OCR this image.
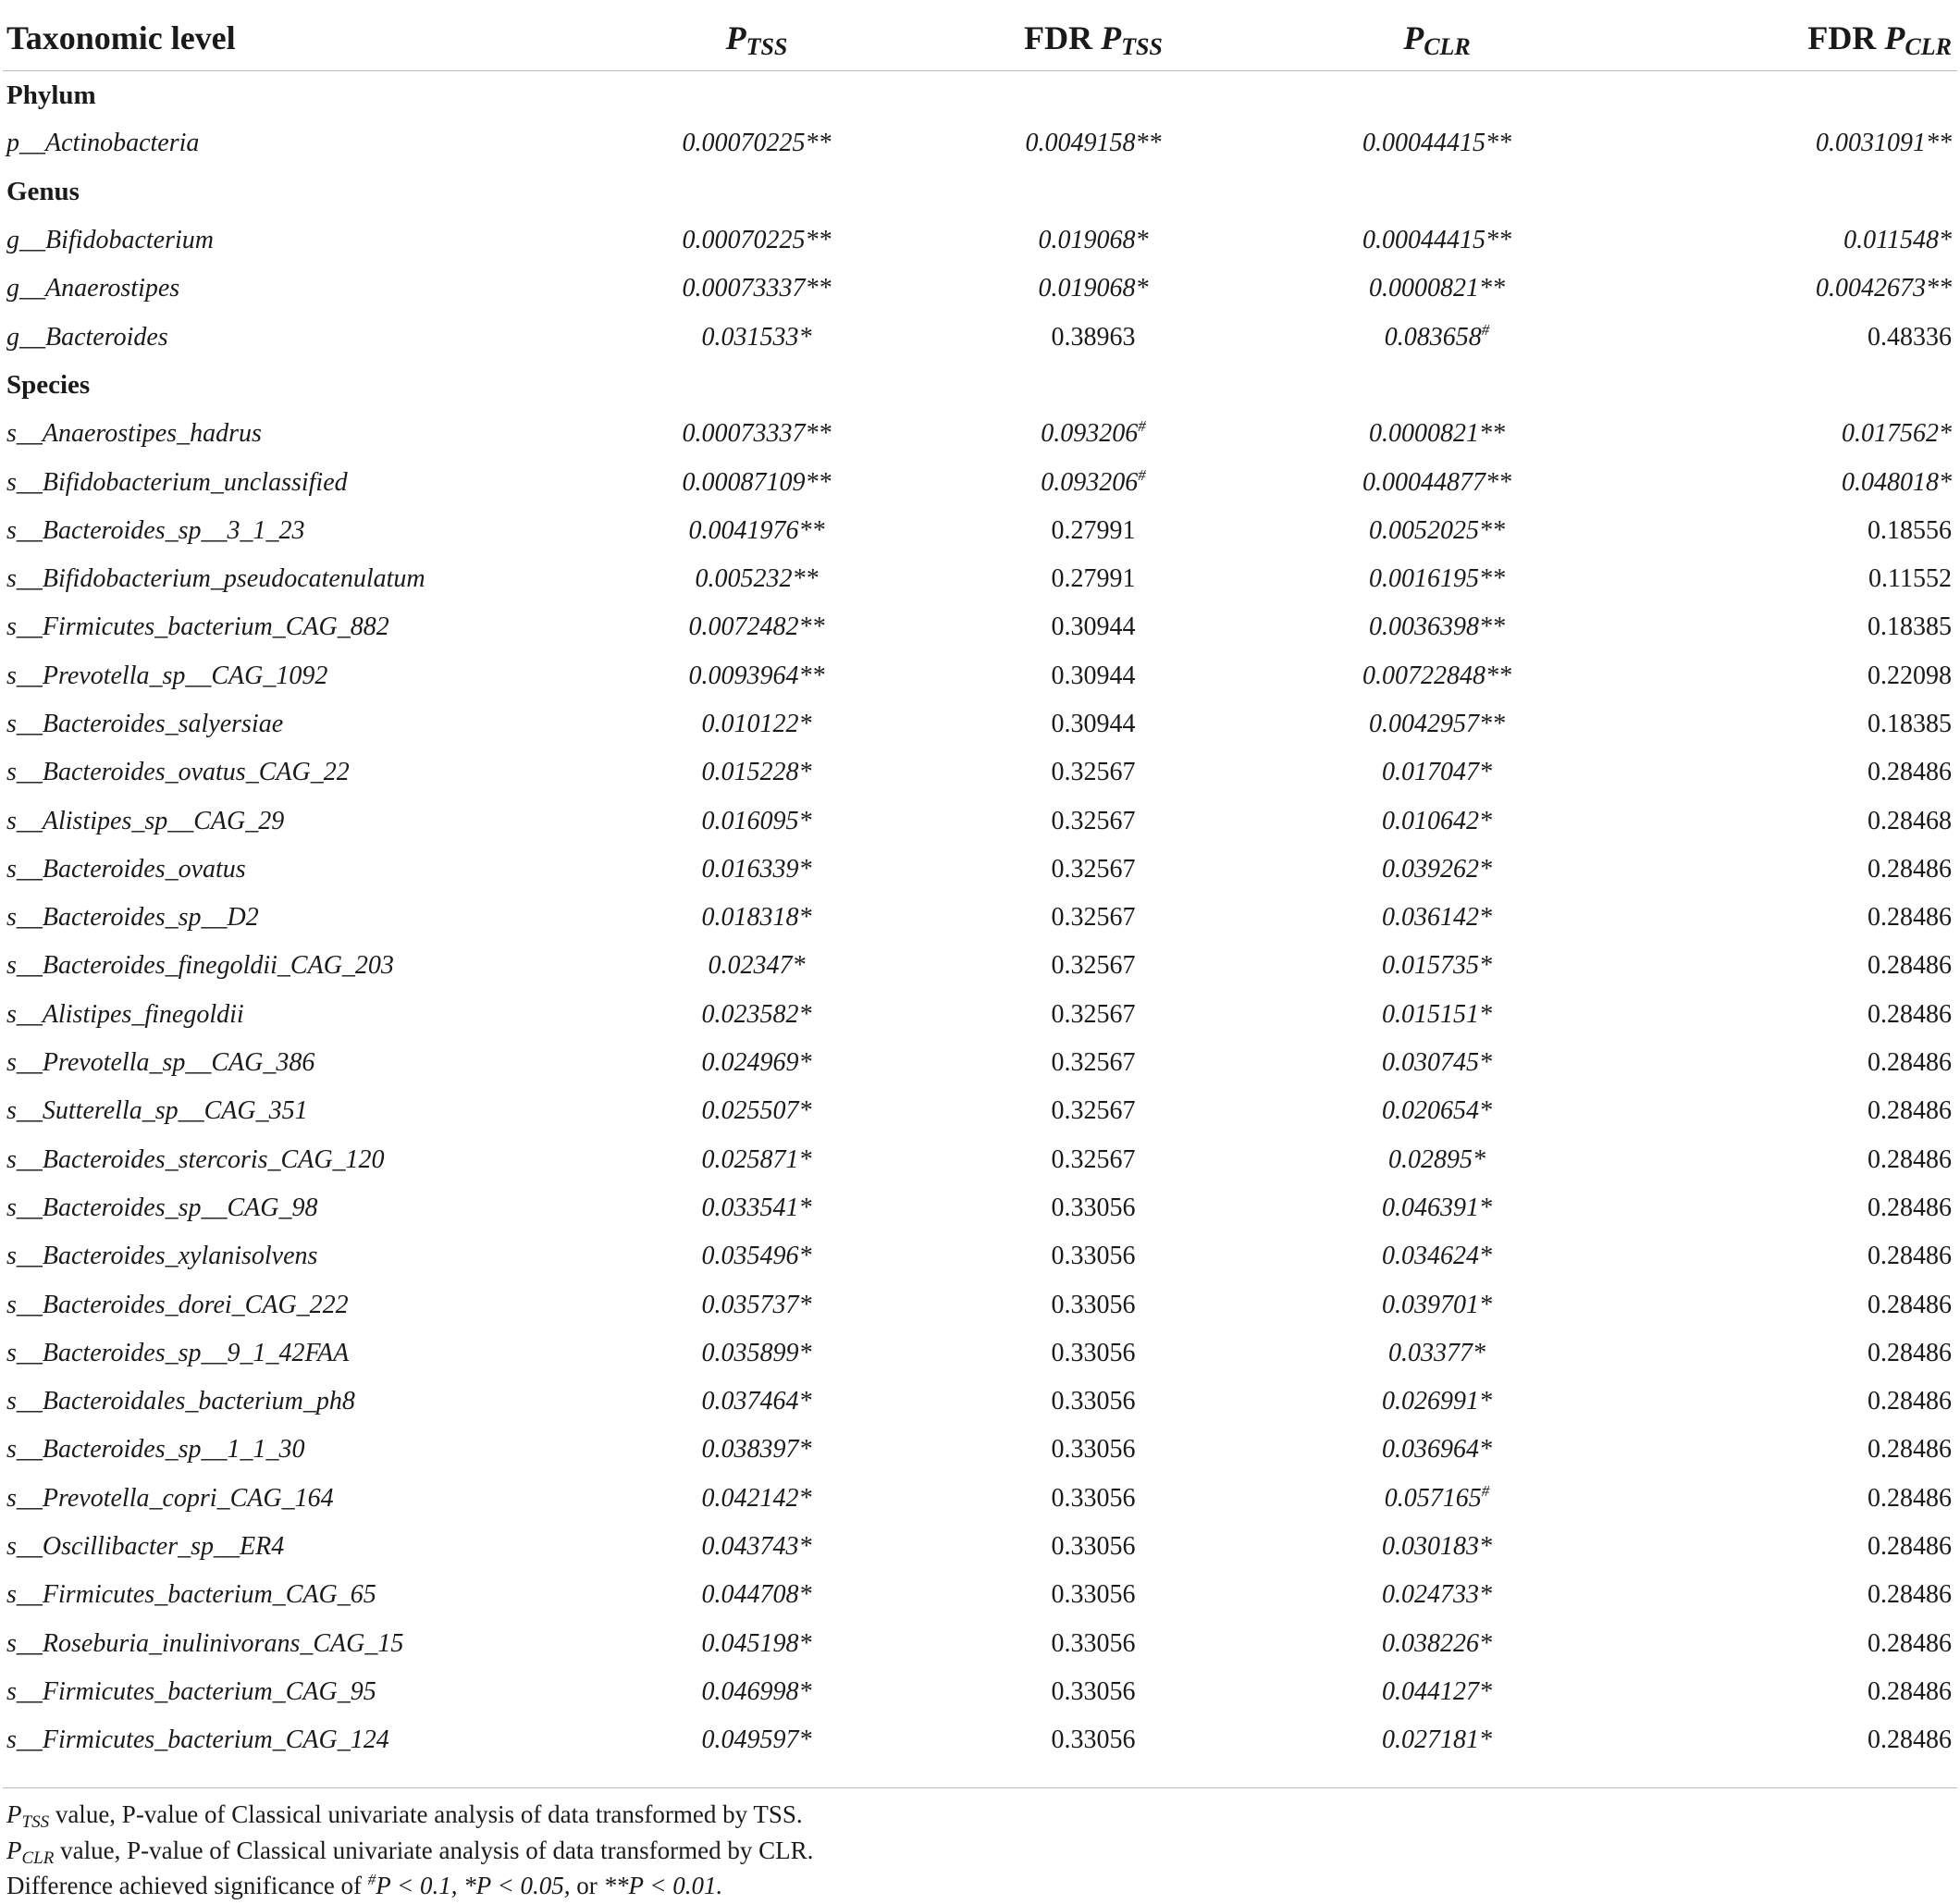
Taxonomic level	$P_{TSS}$	FDR $P_{TSS}$	$P_{CLR}$	FDR $P_{CLR}$
Phylum				
p__Actinobacteria	0.00070225**	0.0049158**	0.00044415**	0.0031091**
Genus				
g__Bifidobacterium	0.00070225**	0.019068*	0.00044415**	0.011548*
g__Anaerostipes	0.00073337**	0.019068*	0.0000821**	0.0042673**
g__Bacteroides	0.031533*	0.38963	0.083658#	0.48336
Species				
s__Anaerostipes_hadrus	0.00073337**	0.093206#	0.0000821**	0.017562*
s__Bifidobacterium_unclassified	0.00087109**	0.093206#	0.00044877**	0.048018*
s__Bacteroides_sp__3_1_23	0.0041976**	0.27991	0.0052025**	0.18556
s__Bifidobacterium_pseudocatenulatum	0.005232**	0.27991	0.0016195**	0.11552
s__Firmicutes_bacterium_CAG_882	0.0072482**	0.30944	0.0036398**	0.18385
s__Prevotella_sp__CAG_1092	0.0093964**	0.30944	0.00722848**	0.22098
s__Bacteroides_salyersiae	0.010122*	0.30944	0.0042957**	0.18385
s__Bacteroides_ovatus_CAG_22	0.015228*	0.32567	0.017047*	0.28486
s__Alistipes_sp__CAG_29	0.016095*	0.32567	0.010642*	0.28468
s__Bacteroides_ovatus	0.016339*	0.32567	0.039262*	0.28486
s__Bacteroides_sp__D2	0.018318*	0.32567	0.036142*	0.28486
s__Bacteroides_finegoldii_CAG_203	0.02347*	0.32567	0.015735*	0.28486
s__Alistipes_finegoldii	0.023582*	0.32567	0.015151*	0.28486
s__Prevotella_sp__CAG_386	0.024969*	0.32567	0.030745*	0.28486
s__Sutterella_sp__CAG_351	0.025507*	0.32567	0.020654*	0.28486
s__Bacteroides_stercoris_CAG_120	0.025871*	0.32567	0.02895*	0.28486
s__Bacteroides_sp__CAG_98	0.033541*	0.33056	0.046391*	0.28486
s__Bacteroides_xylanisolvens	0.035496*	0.33056	0.034624*	0.28486
s__Bacteroides_dorei_CAG_222	0.035737*	0.33056	0.039701*	0.28486
s__Bacteroides_sp__9_1_42FAA	0.035899*	0.33056	0.03377*	0.28486
s__Bacteroidales_bacterium_ph8	0.037464*	0.33056	0.026991*	0.28486
s__Bacteroides_sp__1_1_30	0.038397*	0.33056	0.036964*	0.28486
s__Prevotella_copri_CAG_164	0.042142*	0.33056	0.057165#	0.28486
s__Oscillibacter_sp__ER4	0.043743*	0.33056	0.030183*	0.28486
s__Firmicutes_bacterium_CAG_65	0.044708*	0.33056	0.024733*	0.28486
s__Roseburia_inulinivorans_CAG_15	0.045198*	0.33056	0.038226*	0.28486
s__Firmicutes_bacterium_CAG_95	0.046998*	0.33056	0.044127*	0.28486
s__Firmicutes_bacterium_CAG_124	0.049597*	0.33056	0.027181*	0.28486
$P_{TSS}$ value, P-value of Classical univariate analysis of data transformed by TSS.
$P_{CLR}$ value, P-value of Classical univariate analysis of data transformed by CLR.
Difference achieved significance of #P < 0.1, *P < 0.05, or **P < 0.01.
